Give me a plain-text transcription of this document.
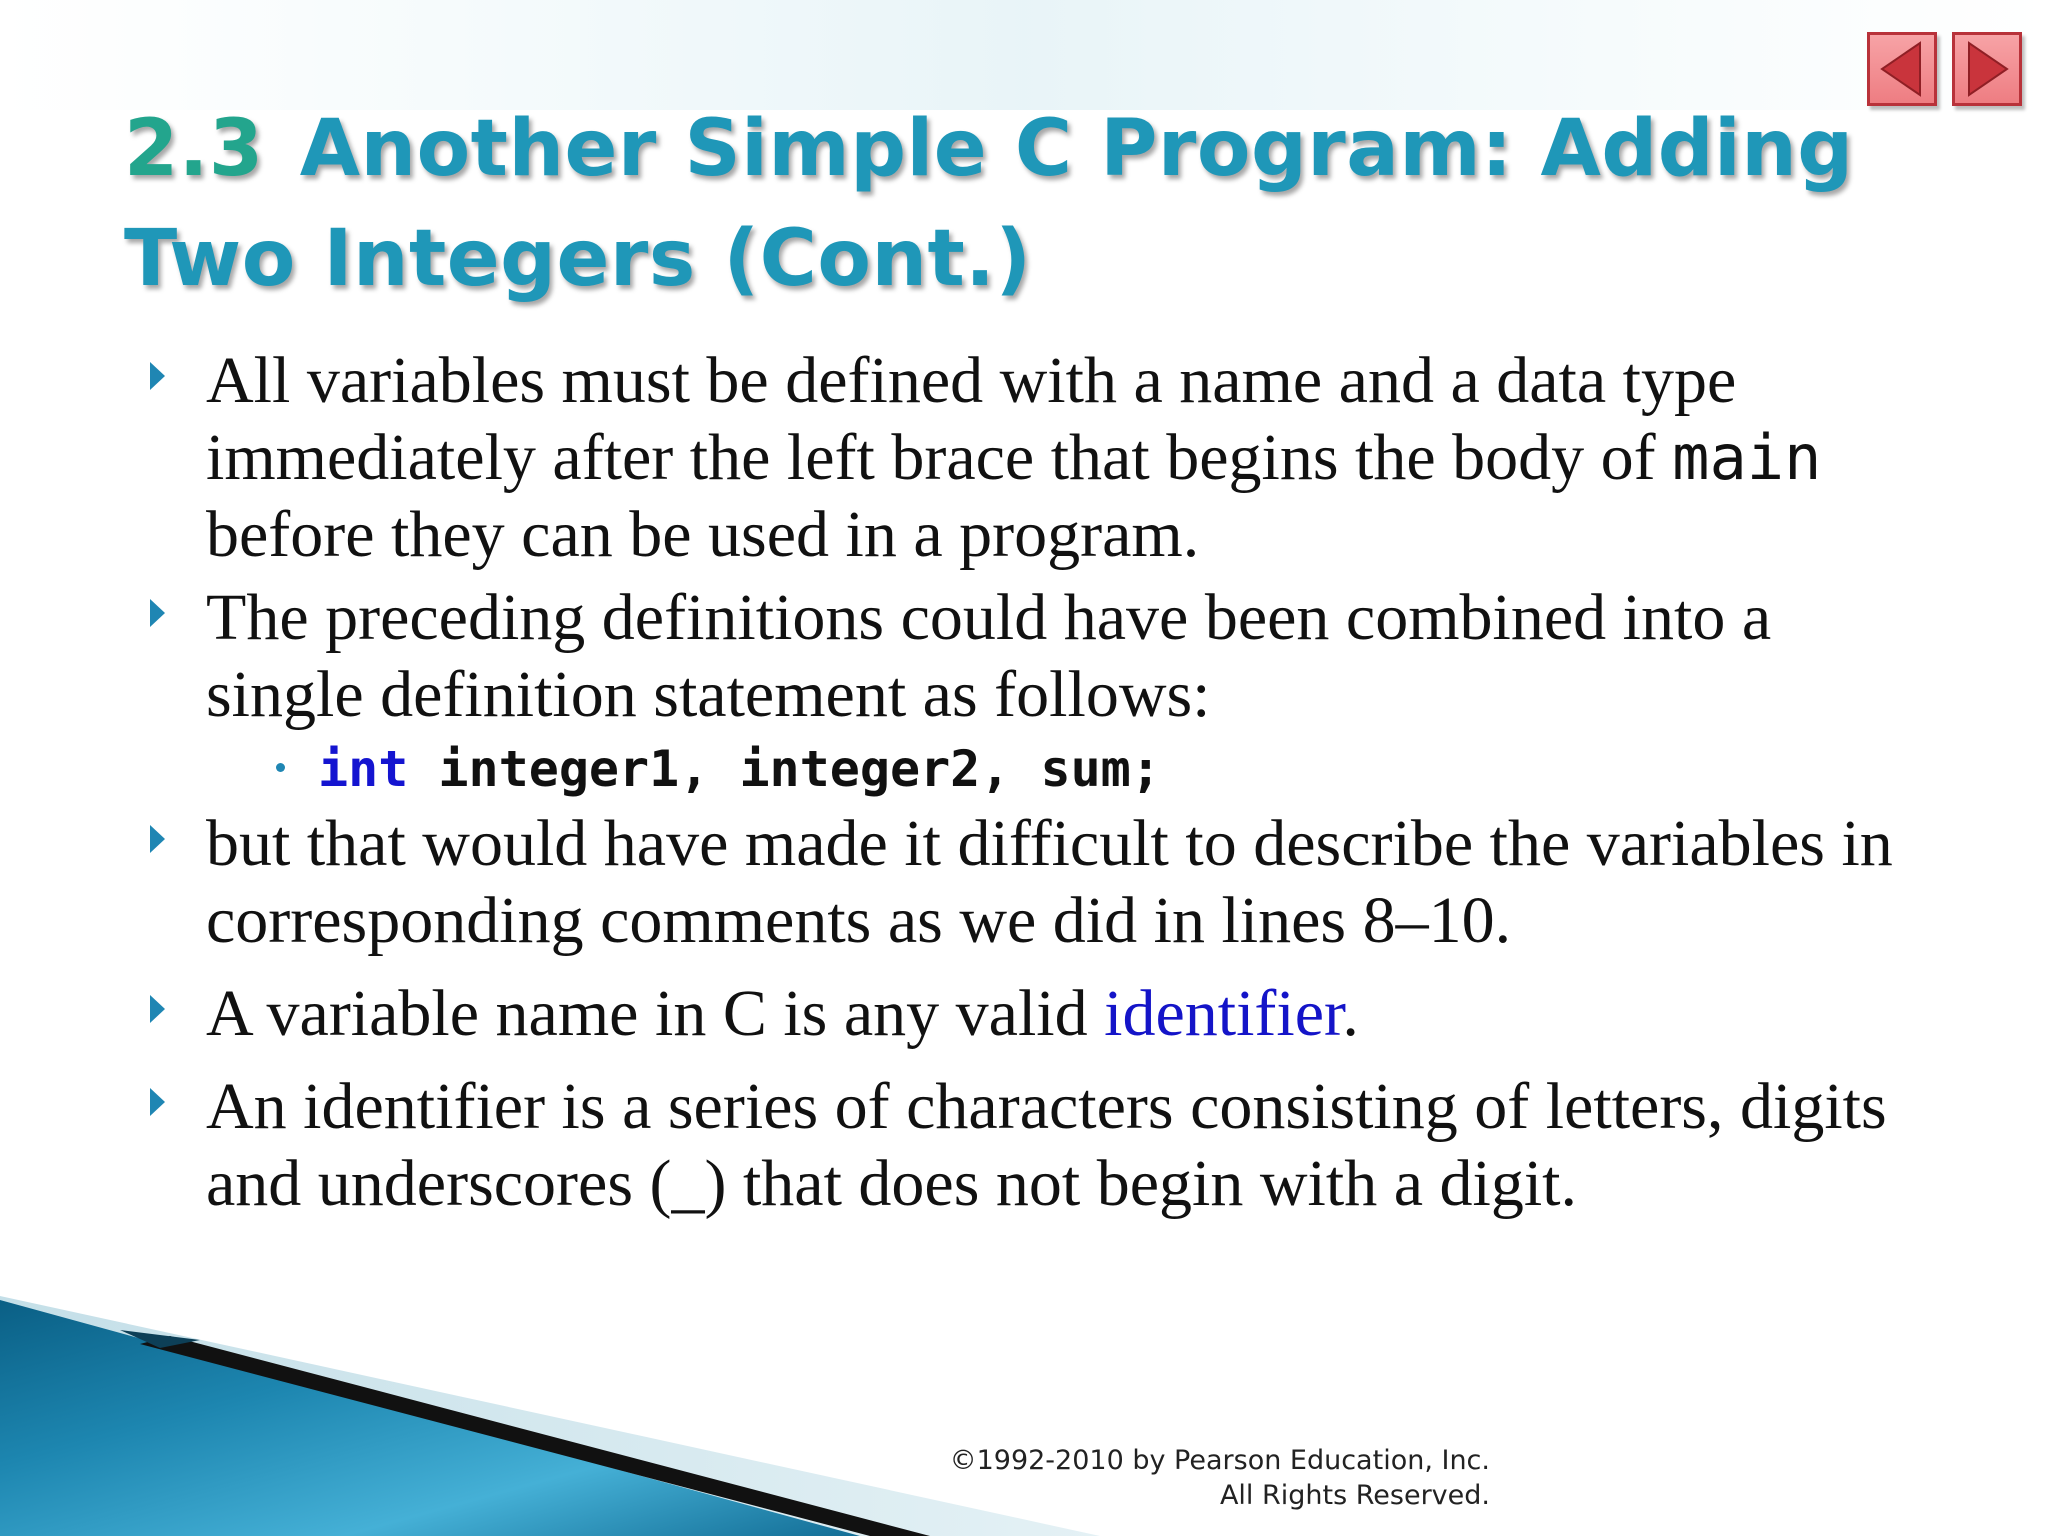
2.3 Another Simple C Program: Adding Two Integers (Cont.)

All variables must be defined with a name and a data type immediately after the left brace that begins the body of main before they can be used in a program.

The preceding definitions could have been combined into a single definition statement as follows:

int integer1, integer2, sum;

but that would have made it difficult to describe the variables in corresponding comments as we did in lines 8–10.

A variable name in C is any valid identifier.

An identifier is a series of characters consisting of letters, digits and underscores (_) that does not begin with a digit.

©1992-2010 by Pearson Education, Inc. All Rights Reserved.
